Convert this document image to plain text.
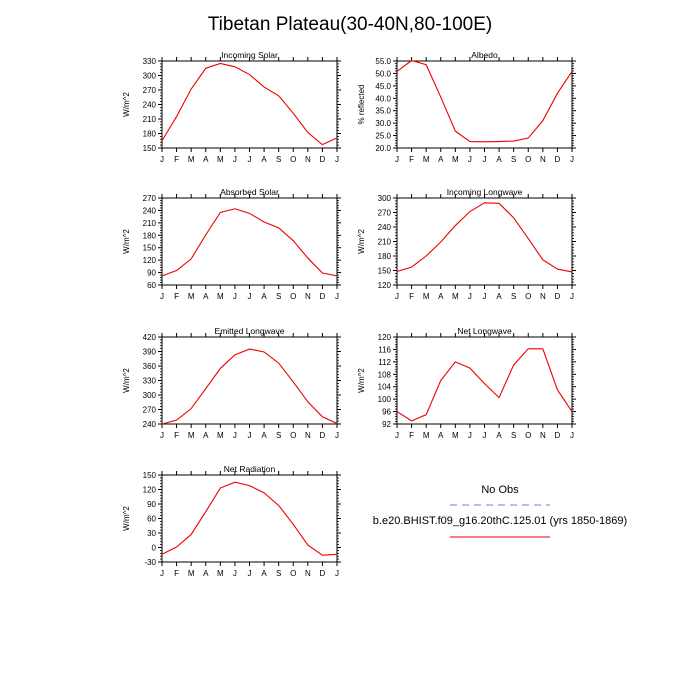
Tibetan Plateau(30-40N,80-100E)
Incoming Solar
W/m^2
150
180
210
240
270
300
330
J F M A M J J A S O N D J
Albedo
% reflected
20.0
25.0
30.0
35.0
40.0
45.0
50.0
55.0
J F M A M J J A S O N D J
Absorbed Solar
W/m^2
60
90
120
150
180
210
240
270
J F M A M J J A S O N D J
Incoming Longwave
W/m^2
120
150
180
210
240
270
300
J F M A M J J A S O N D J
Emitted Longwave
W/m^2
240
270
300
330
360
390
420
J F M A M J J A S O N D J
Net Longwave
W/m^2
92
96
100
104
108
112
116
120
J F M A M J J A S O N D J
Net Radiation
W/m^2
-30
0
30
60
90
120
150
J F M A M J J A S O N D J
No Obs
b.e20.BHIST.f09_g16.20thC.125.01 (yrs 1850-1869)
